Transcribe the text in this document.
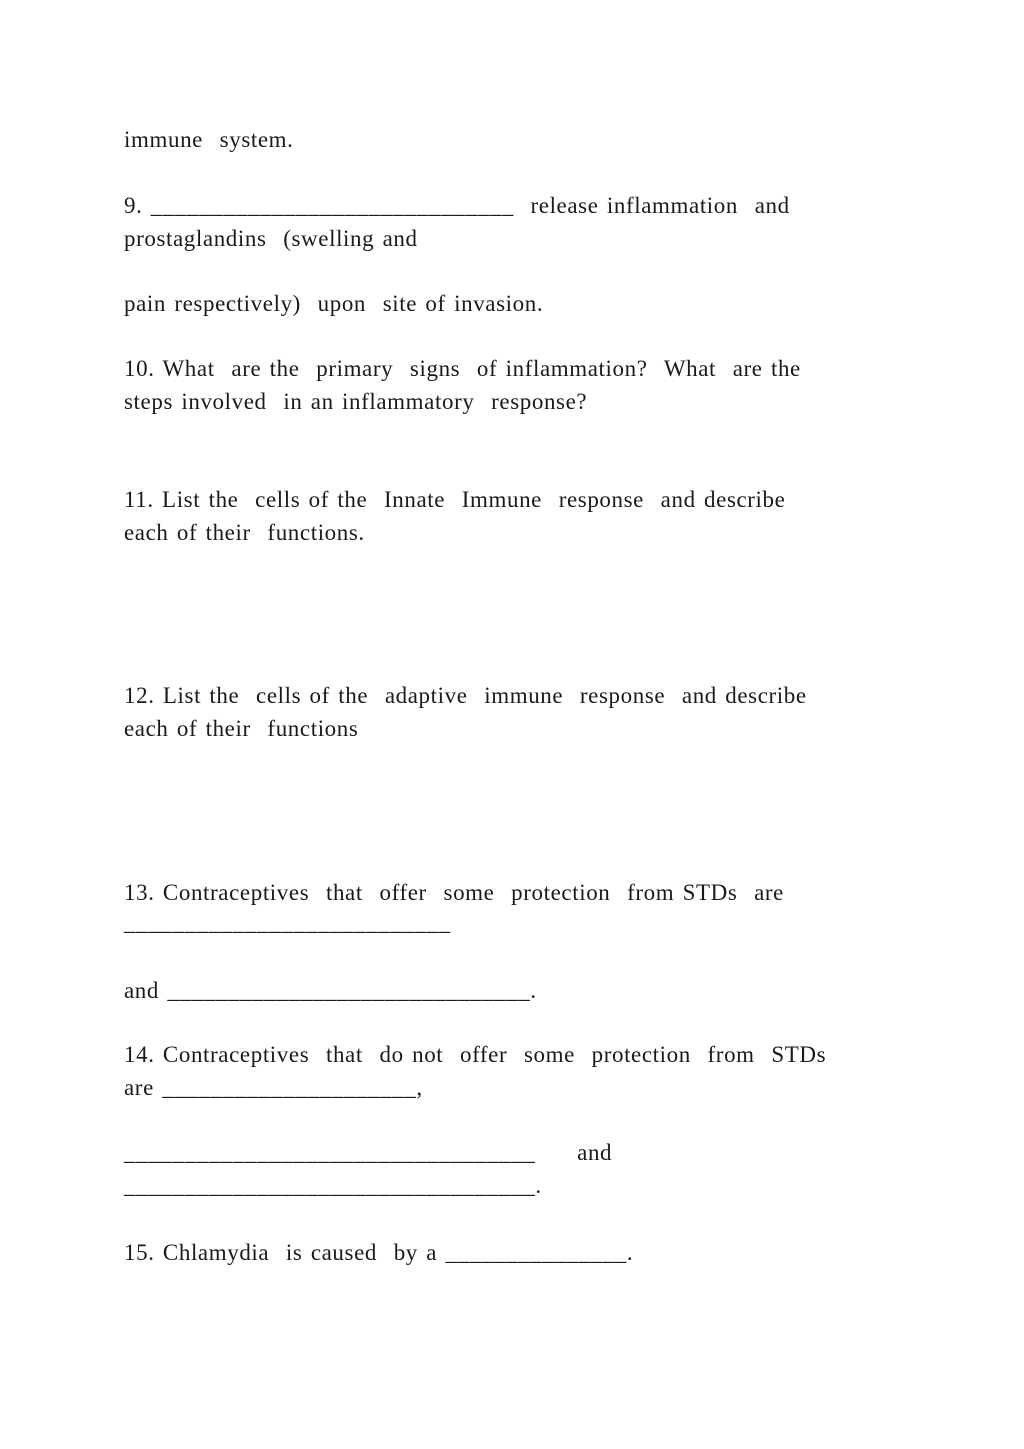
immune  system.
9. ______________________________  release inflammation  and
prostaglandins  (swelling and
pain respectively)  upon  site of invasion.
10. What  are the  primary  signs  of inflammation?  What  are the
steps involved  in an inflammatory  response?
11. List the  cells of the  Innate  Immune  response  and describe
each of their  functions.
12. List the  cells of the  adaptive  immune  response  and describe
each of their  functions
13. Contraceptives  that  offer  some  protection  from STDs  are
___________________________
and ______________________________.
14. Contraceptives  that  do not  offer  some  protection  from  STDs
are _____________________,
__________________________________     and
__________________________________.
15. Chlamydia  is caused  by a _______________.
